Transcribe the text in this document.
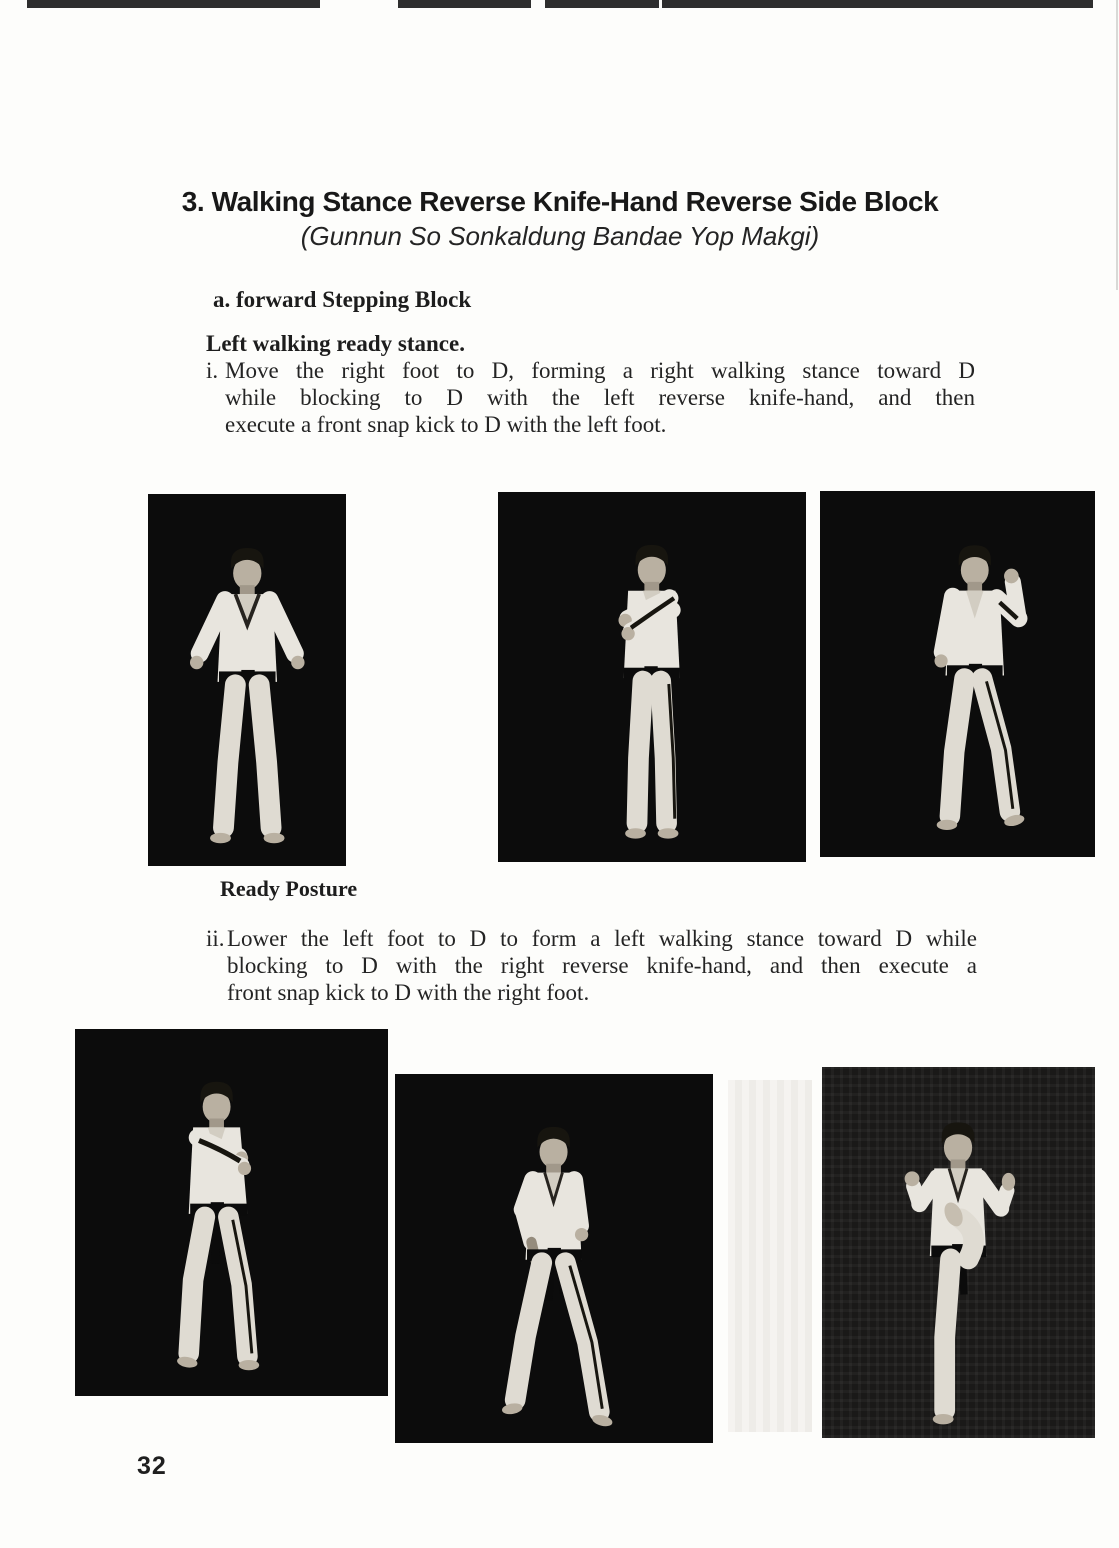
3. Walking Stance Reverse Knife-Hand Reverse Side Block
(Gunnun So Sonkaldung Bandae Yop Makgi)
a. forward Stepping Block
Left walking ready stance.
i. Move the right foot to D, forming a right walking stance toward D
while blocking to D with the left reverse knife-hand, and then
execute a front snap kick to D with the left foot.
Ready Posture
ii. Lower the left foot to D to form a left walking stance toward D while
blocking to D with the right reverse knife-hand, and then execute a
front snap kick to D with the right foot.
32
